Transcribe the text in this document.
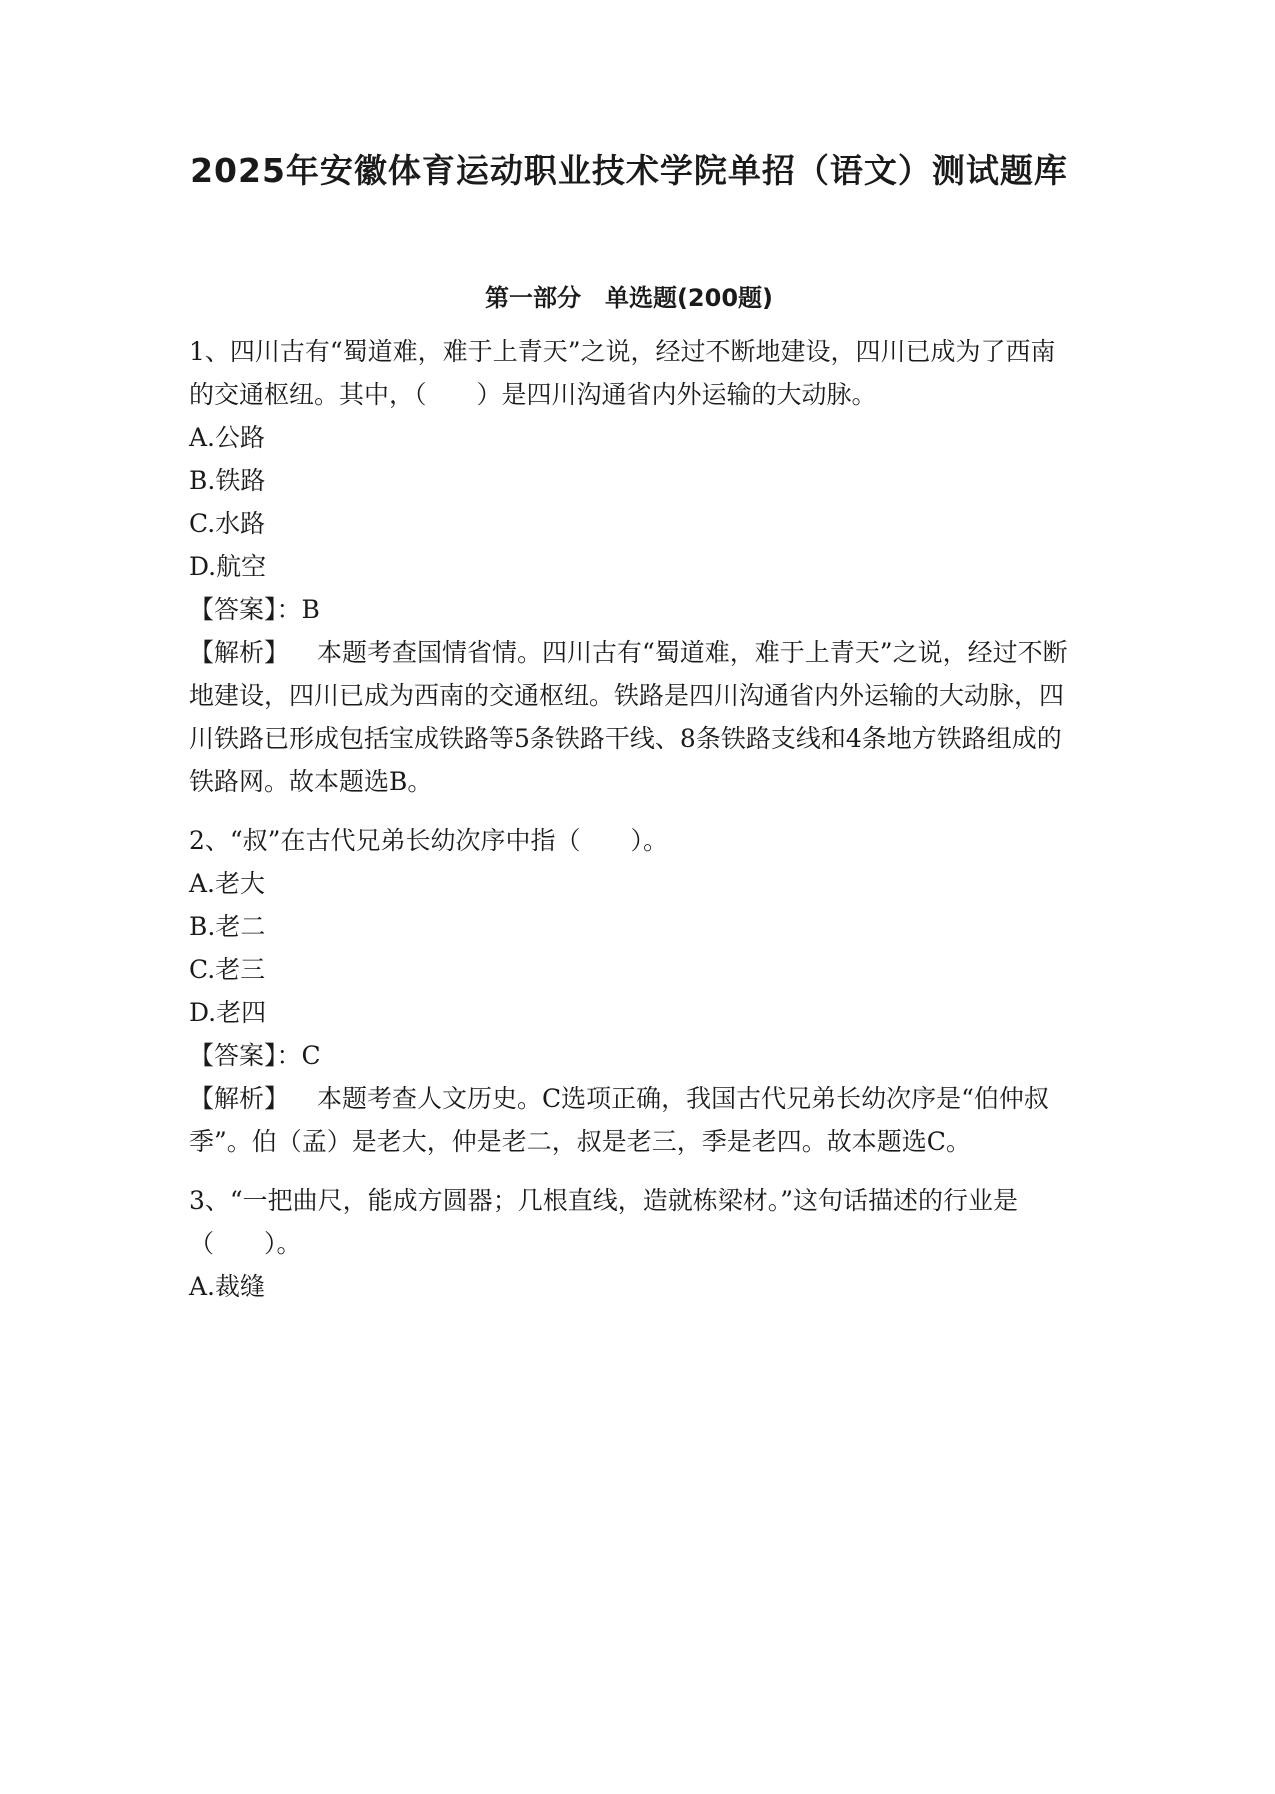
2025年安徽体育运动职业技术学院单招（语文）测试题库
第一部分　单选题(200题)
1、四川古有“蜀道难，难于上青天”之说，经过不断地建设，四川已成为了西南的交通枢纽。其中，（　　）是四川沟通省内外运输的大动脉。
A.公路
B.铁路
C.水路
D.航空
【答案】：B
【解析】 本题考查国情省情。四川古有“蜀道难，难于上青天”之说，经过不断地建设，四川已成为西南的交通枢纽。铁路是四川沟通省内外运输的大动脉，四川铁路已形成包括宝成铁路等5条铁路干线、8条铁路支线和4条地方铁路组成的铁路网。故本题选B。
2、“叔”在古代兄弟长幼次序中指（　　）。
A.老大
B.老二
C.老三
D.老四
【答案】：C
【解析】 本题考查人文历史。C选项正确，我国古代兄弟长幼次序是“伯仲叔季”。伯（孟）是老大，仲是老二，叔是老三，季是老四。故本题选C。
3、“一把曲尺，能成方圆器；几根直线，造就栋梁材。”这句话描述的行业是（　　）。
A.裁缝
